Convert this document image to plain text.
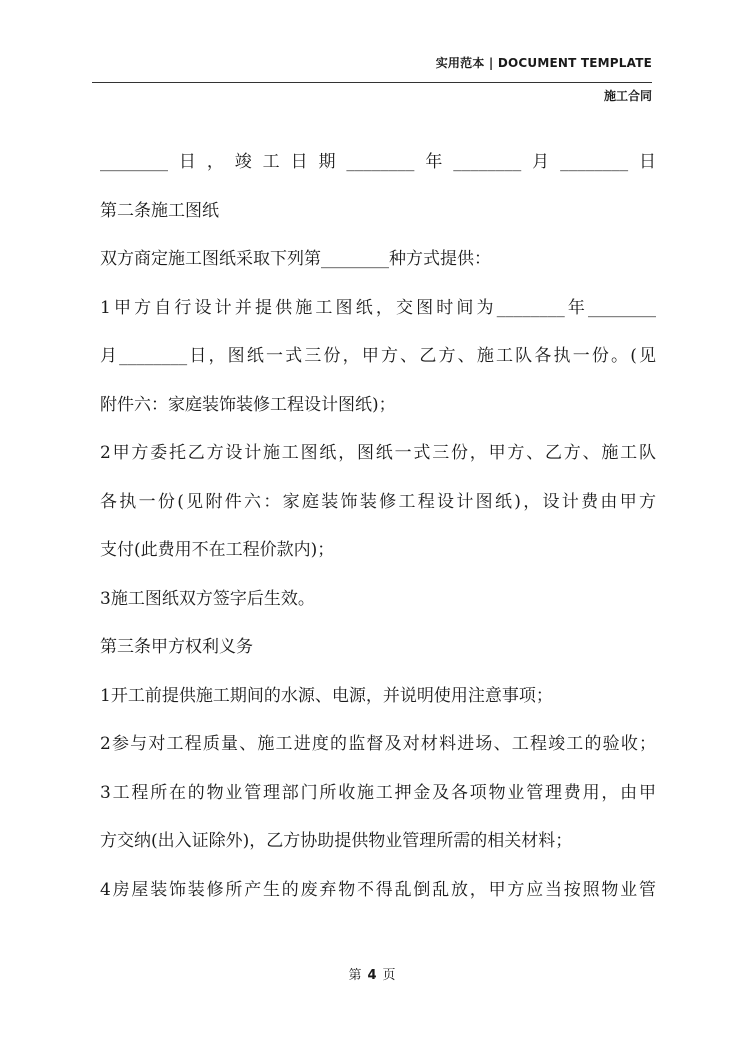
实用范本 | DOCUMENT TEMPLATE
施工合同
________日，竣工日期________年________月________日
第二条施工图纸
双方商定施工图纸采取下列第________种方式提供：
1甲方自行设计并提供施工图纸，交图时间为________年________
月________日，图纸一式三份，甲方、乙方、施工队各执一份。(见
附件六：家庭装饰装修工程设计图纸)；
2甲方委托乙方设计施工图纸，图纸一式三份，甲方、乙方、施工队
各执一份(见附件六：家庭装饰装修工程设计图纸)，设计费由甲方
支付(此费用不在工程价款内)；
3施工图纸双方签字后生效。
第三条甲方权利义务
1开工前提供施工期间的水源、电源，并说明使用注意事项；
2参与对工程质量、施工进度的监督及对材料进场、工程竣工的验收；
3工程所在的物业管理部门所收施工押金及各项物业管理费用，由甲
方交纳(出入证除外)，乙方协助提供物业管理所需的相关材料；
4房屋装饰装修所产生的废弃物不得乱倒乱放，甲方应当按照物业管
第 4 页
